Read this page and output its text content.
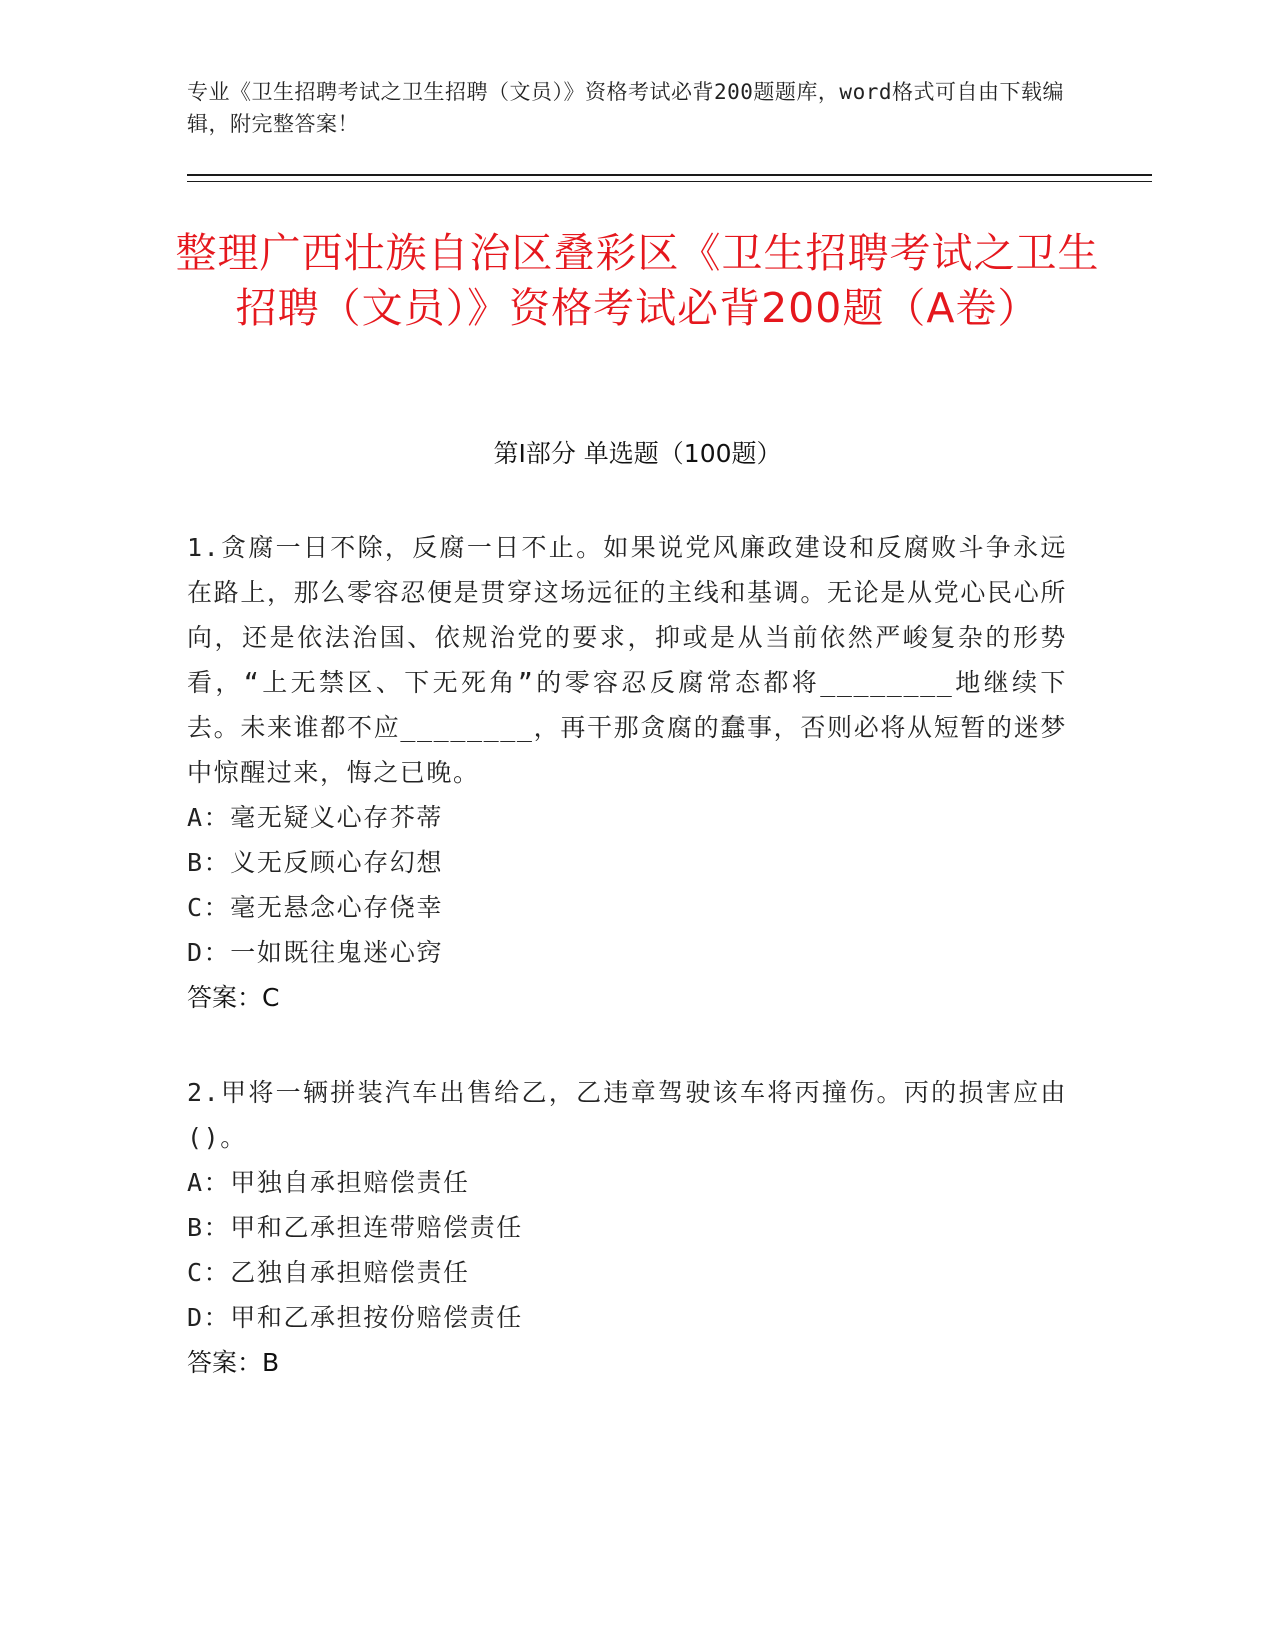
专业《卫生招聘考试之卫生招聘（文员）》资格考试必背200题题库，word格式可自由下载编辑，附完整答案！
整理广西壮族自治区叠彩区《卫生招聘考试之卫生招聘（文员）》资格考试必背200题（A卷）
第Ⅰ部分 单选题（100题）
1.贪腐一日不除，反腐一日不止。如果说党风廉政建设和反腐败斗争永远在路上，那么零容忍便是贯穿这场远征的主线和基调。无论是从党心民心所向，还是依法治国、依规治党的要求，抑或是从当前依然严峻复杂的形势看，“上无禁区、下无死角”的零容忍反腐常态都将________地继续下去。未来谁都不应________，再干那贪腐的蠢事，否则必将从短暂的迷梦中惊醒过来，悔之已晚。
A：毫无疑义心存芥蒂
B：义无反顾心存幻想
C：毫无悬念心存侥幸
D：一如既往鬼迷心窍
答案：C
2.甲将一辆拼装汽车出售给乙，乙违章驾驶该车将丙撞伤。丙的损害应由()。
A：甲独自承担赔偿责任
B：甲和乙承担连带赔偿责任
C：乙独自承担赔偿责任
D：甲和乙承担按份赔偿责任
答案：B
